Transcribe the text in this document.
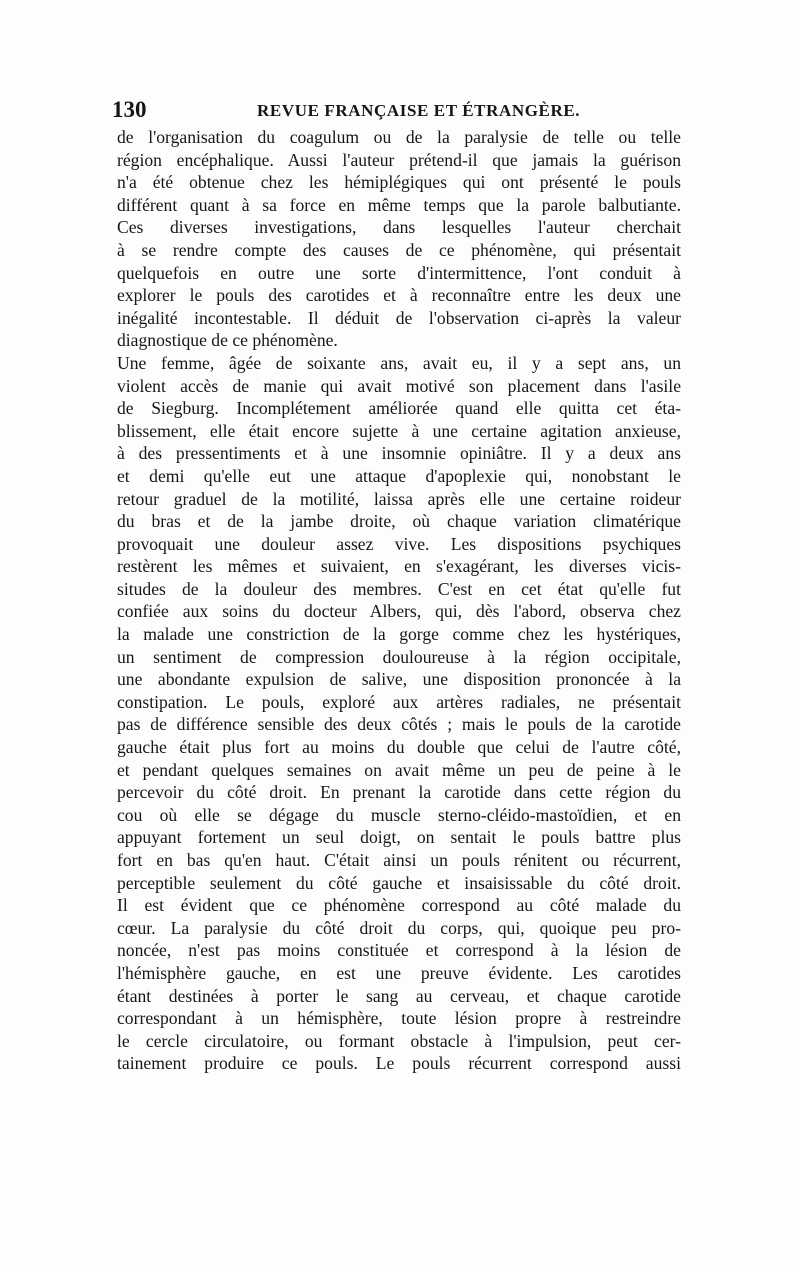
130	REVUE FRANÇAISE ET ÉTRANGÈRE.
de l'organisation du coagulum ou de la paralysie de telle ou telle
région encéphalique. Aussi l'auteur prétend-il que jamais la guérison
n'a été obtenue chez les hémiplégiques qui ont présenté le pouls
différent quant à sa force en même temps que la parole balbutiante.
Ces diverses investigations, dans lesquelles l'auteur cherchait
à se rendre compte des causes de ce phénomène, qui présentait
quelquefois en outre une sorte d'intermittence, l'ont conduit à
explorer le pouls des carotides et à reconnaître entre les deux une
inégalité incontestable. Il déduit de l'observation ci-après la valeur
diagnostique de ce phénomène.
Une femme, âgée de soixante ans, avait eu, il y a sept ans, un
violent accès de manie qui avait motivé son placement dans l'asile
de Siegburg. Incomplétement améliorée quand elle quitta cet éta-
blissement, elle était encore sujette à une certaine agitation anxieuse,
à des pressentiments et à une insomnie opiniâtre. Il y a deux ans
et demi qu'elle eut une attaque d'apoplexie qui, nonobstant le
retour graduel de la motilité, laissa après elle une certaine roideur
du bras et de la jambe droite, où chaque variation climatérique
provoquait une douleur assez vive. Les dispositions psychiques
restèrent les mêmes et suivaient, en s'exagérant, les diverses vicis-
situdes de la douleur des membres. C'est en cet état qu'elle fut
confiée aux soins du docteur Albers, qui, dès l'abord, observa chez
la malade une constriction de la gorge comme chez les hystériques,
un sentiment de compression douloureuse à la région occipitale,
une abondante expulsion de salive, une disposition prononcée à la
constipation. Le pouls, exploré aux artères radiales, ne présentait
pas de différence sensible des deux côtés ; mais le pouls de la carotide
gauche était plus fort au moins du double que celui de l'autre côté,
et pendant quelques semaines on avait même un peu de peine à le
percevoir du côté droit. En prenant la carotide dans cette région du
cou où elle se dégage du muscle sterno-cléido-mastoïdien, et en
appuyant fortement un seul doigt, on sentait le pouls battre plus
fort en bas qu'en haut. C'était ainsi un pouls rénitent ou récurrent,
perceptible seulement du côté gauche et insaisissable du côté droit.
Il est évident que ce phénomène correspond au côté malade du
cœur. La paralysie du côté droit du corps, qui, quoique peu pro-
noncée, n'est pas moins constituée et correspond à la lésion de
l'hémisphère gauche, en est une preuve évidente. Les carotides
étant destinées à porter le sang au cerveau, et chaque carotide
correspondant à un hémisphère, toute lésion propre à restreindre
le cercle circulatoire, ou formant obstacle à l'impulsion, peut cer-
tainement produire ce pouls. Le pouls récurrent correspond aussi
